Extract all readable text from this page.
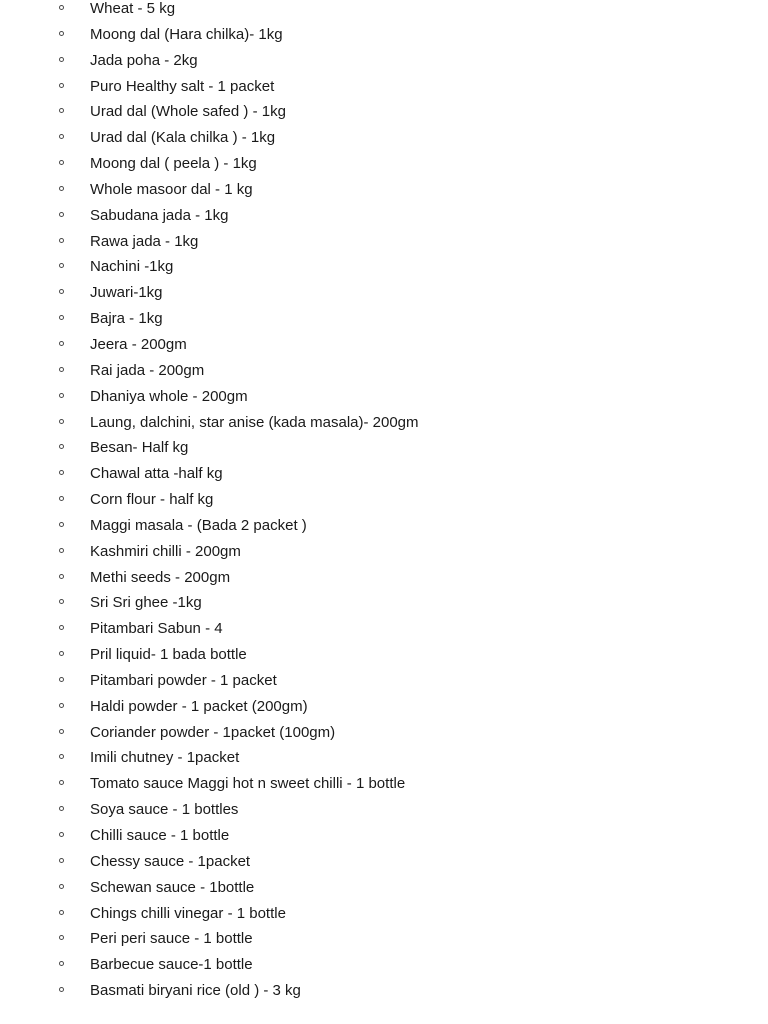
Wheat - 5 kg
Moong dal (Hara chilka)- 1kg
Jada poha - 2kg
Puro Healthy salt - 1 packet
Urad dal (Whole safed ) - 1kg
Urad dal (Kala chilka ) - 1kg
Moong dal ( peela ) - 1kg
Whole masoor dal - 1 kg
Sabudana jada - 1kg
Rawa jada - 1kg
Nachini -1kg
Juwari-1kg
Bajra - 1kg
Jeera - 200gm
Rai jada - 200gm
Dhaniya whole - 200gm
Laung, dalchini, star anise (kada masala)- 200gm
Besan- Half kg
Chawal atta -half kg
Corn flour - half kg
Maggi masala - (Bada 2 packet )
Kashmiri chilli - 200gm
Methi seeds - 200gm
Sri Sri ghee -1kg
Pitambari Sabun - 4
Pril liquid- 1 bada bottle
Pitambari powder - 1 packet
Haldi powder - 1 packet (200gm)
Coriander powder - 1packet (100gm)
Imili chutney - 1packet
Tomato sauce Maggi hot n sweet chilli - 1 bottle
Soya sauce - 1 bottles
Chilli sauce - 1 bottle
Chessy sauce - 1packet
Schewan sauce - 1bottle
Chings chilli vinegar - 1 bottle
Peri peri sauce - 1 bottle
Barbecue sauce-1 bottle
Basmati biryani rice (old ) - 3 kg
